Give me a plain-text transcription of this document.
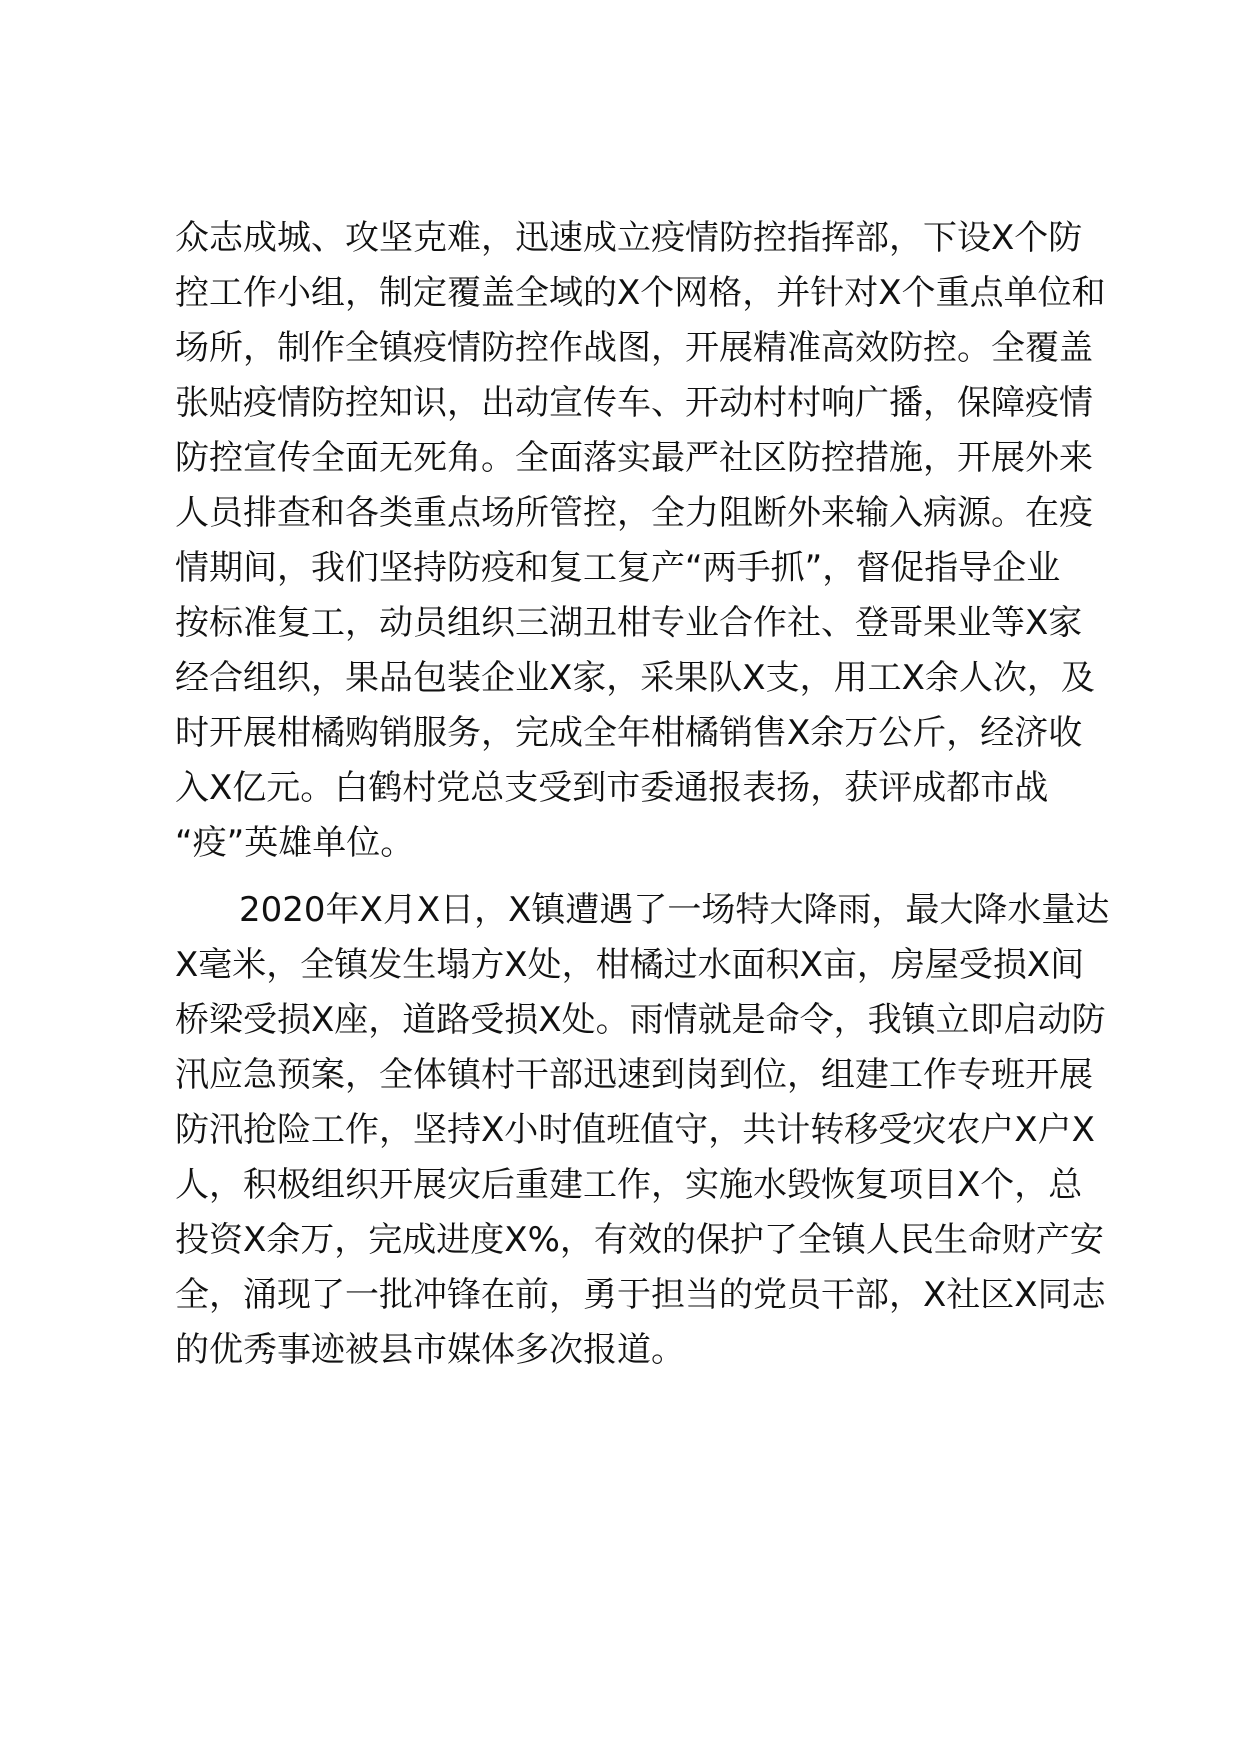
众志成城、攻坚克难，迅速成立疫情防控指挥部，下设X个防
控工作小组，制定覆盖全域的X个网格，并针对X个重点单位和
场所，制作全镇疫情防控作战图，开展精准高效防控。全覆盖
张贴疫情防控知识，出动宣传车、开动村村响广播，保障疫情
防控宣传全面无死角。全面落实最严社区防控措施，开展外来
人员排查和各类重点场所管控，全力阻断外来输入病源。在疫
情期间，我们坚持防疫和复工复产“两手抓”，督促指导企业
按标准复工，动员组织三湖丑柑专业合作社、登哥果业等X家
经合组织，果品包装企业X家，采果队X支，用工X余人次，及
时开展柑橘购销服务，完成全年柑橘销售X余万公斤，经济收
入X亿元。白鹤村党总支受到市委通报表扬，获评成都市战
“疫”英雄单位。
2020年X月X日，X镇遭遇了一场特大降雨，最大降水量达
X毫米，全镇发生塌方X处，柑橘过水面积X亩，房屋受损X间
桥梁受损X座，道路受损X处。雨情就是命令，我镇立即启动防
汛应急预案，全体镇村干部迅速到岗到位，组建工作专班开展
防汛抢险工作，坚持X小时值班值守，共计转移受灾农户X户X
人，积极组织开展灾后重建工作，实施水毁恢复项目X个，总
投资X余万，完成进度X%，有效的保护了全镇人民生命财产安
全，涌现了一批冲锋在前，勇于担当的党员干部，X社区X同志
的优秀事迹被县市媒体多次报道。
